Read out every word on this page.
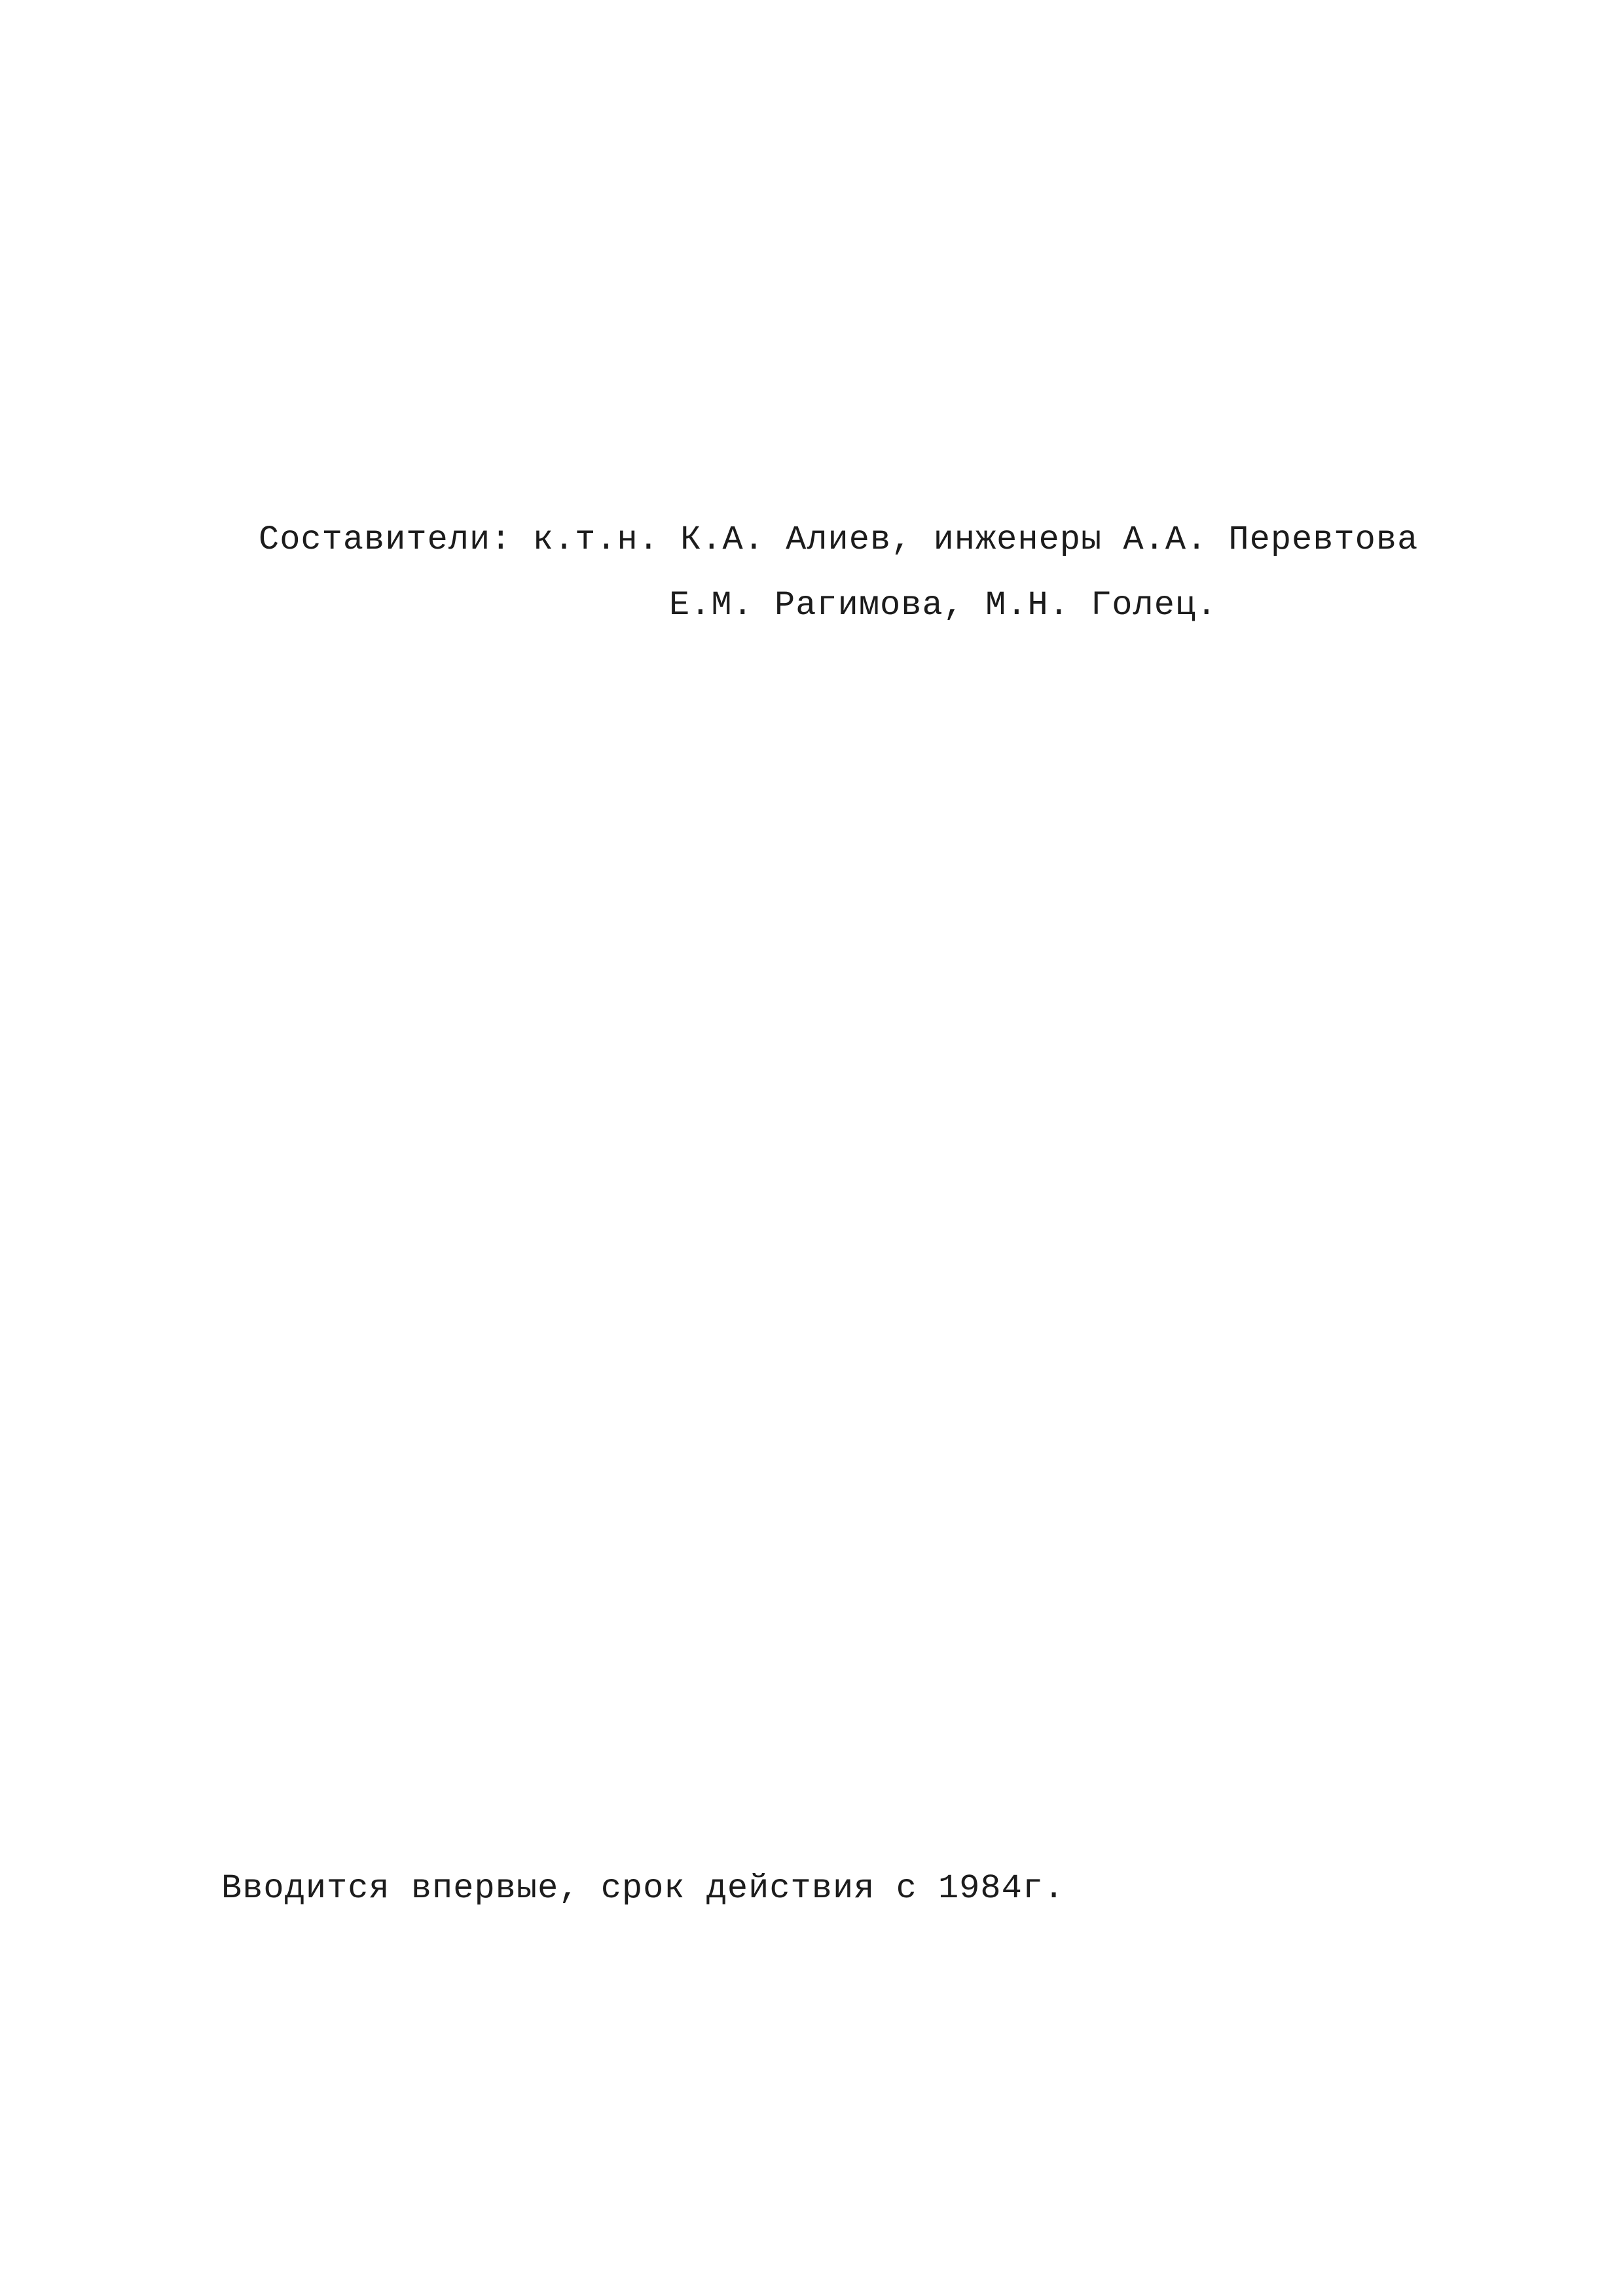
Составители: к.т.н. К.А. Алиев, инженеры А.А. Перевтова
Е.М. Рагимова, М.Н. Голец.
Вводится впервые, срок действия с 1984г.
